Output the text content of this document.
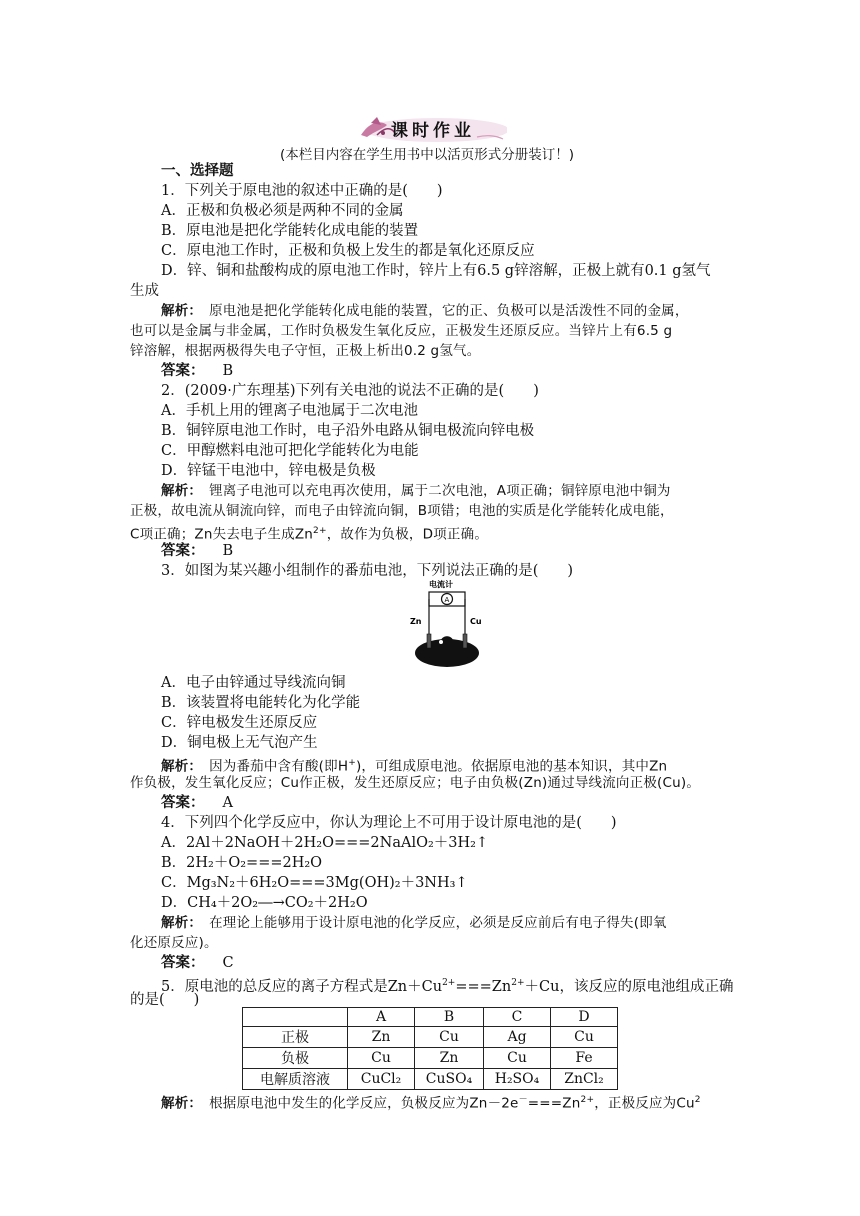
课时作业
(本栏目内容在学生用书中以活页形式分册装订！)
一、选择题
1．下列关于原电池的叙述中正确的是(　　)
A．正极和负极必须是两种不同的金属
B．原电池是把化学能转化成电能的装置
C．原电池工作时，正极和负极上发生的都是氧化还原反应
D．锌、铜和盐酸构成的原电池工作时，锌片上有6.5 g锌溶解，正极上就有0.1 g氢气
生成
解析：　 原电池是把化学能转化成电能的装置，它的正、负极可以是活泼性不同的金属，
也可以是金属与非金属，工作时负极发生氧化反应，正极发生还原反应。当锌片上有6.5 g
锌溶解，根据两极得失电子守恒，正极上析出0.2 g氢气。
答案： B
2．(2009·广东理基)下列有关电池的说法不正确的是(　　)
A．手机上用的锂离子电池属于二次电池
B．铜锌原电池工作时，电子沿外电路从铜电极流向锌电极
C．甲醇燃料电池可把化学能转化为电能
D．锌锰干电池中，锌电极是负极
解析：　 锂离子电池可以充电再次使用，属于二次电池，A项正确；铜锌原电池中铜为
正极，故电流从铜流向锌，而电子由锌流向铜，B项错；电池的实质是化学能转化成电能，
C项正确；Zn失去电子生成$Zn^{2+}$，故作为负极，D项正确。
答案： B
3．如图为某兴趣小组制作的番茄电池，下列说法正确的是(　　)
电流计
A
Zn	Cu
A．电子由锌通过导线流向铜
B．该装置将电能转化为化学能
C．锌电极发生还原反应
D．铜电极上无气泡产生
解析：　 因为番茄中含有酸(即H+)，可组成原电池。依据原电池的基本知识，其中Zn
作负极，发生氧化反应；Cu作正极，发生还原反应；电子由负极(Zn)通过导线流向正极(Cu)。
答案： A
4．下列四个化学反应中，你认为理论上不可用于设计原电池的是(　　)
A．2Al＋2NaOH＋2H₂O===2NaAlO₂＋3H₂↑
B．2H₂＋O₂===2H₂O
C．Mg₃N₂＋6H₂O===3Mg(OH)₂＋3NH₃↑
D．CH₄＋2O₂―→CO₂＋2H₂O
解析：　 在理论上能够用于设计原电池的化学反应，必须是反应前后有电子得失(即氧
化还原反应)。
答案： C
5．原电池的总反应的离子方程式是$Zn+Cu^{2+}===Zn^{2+}+Cu$，该反应的原电池组成正确
的是(　　)
	A	B	C	D
正极	Zn	Cu	Ag	Cu
负极	Cu	Zn	Cu	Fe
电解质溶液	CuCl₂	CuSO₄	H₂SO₄	ZnCl₂
解析：　 根据原电池中发生的化学反应，负极反应为$Zn-2e^-===Zn^{2+}$，正极反应为Cu$^2$
